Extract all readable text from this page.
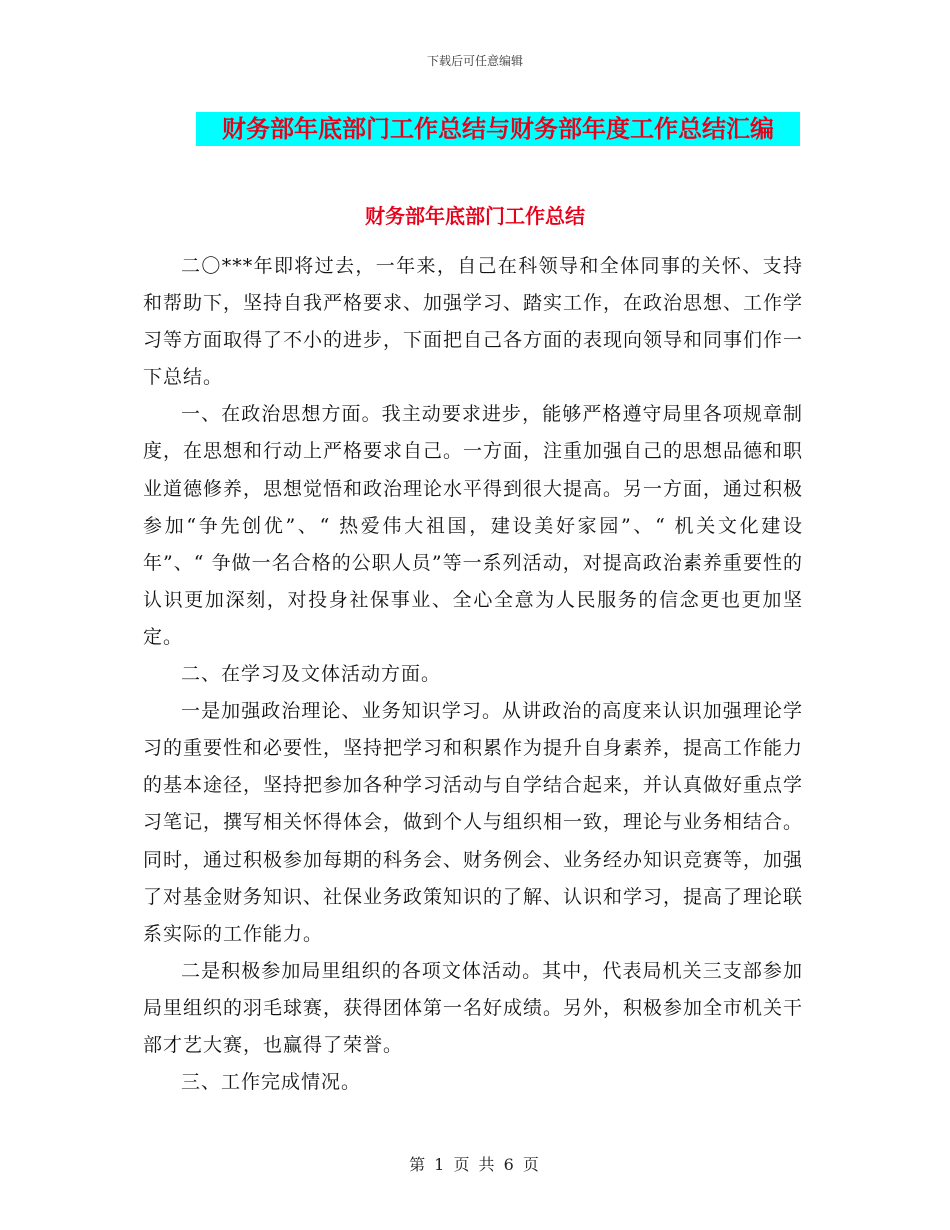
下载后可任意编辑
财务部年底部门工作总结与财务部年度工作总结汇编
财务部年底部门工作总结

二〇***年即将过去，一年来，自己在科领导和全体同事的关怀、支持和帮助下，坚持自我严格要求、加强学习、踏实工作，在政治思想、工作学习等方面取得了不小的进步，下面把自己各方面的表现向领导和同事们作一下总结。

一、在政治思想方面。我主动要求进步，能够严格遵守局里各项规章制度，在思想和行动上严格要求自己。一方面，注重加强自己的思想品德和职业道德修养，思想觉悟和政治理论水平得到很大提高。另一方面，通过积极参加“争先创优”、“ 热爱伟大祖国，建设美好家园”、“ 机关文化建设年”、“ 争做一名合格的公职人员”等一系列活动，对提高政治素养重要性的认识更加深刻，对投身社保事业、全心全意为人民服务的信念更也更加坚定。

二、在学习及文体活动方面。

一是加强政治理论、业务知识学习。从讲政治的高度来认识加强理论学习的重要性和必要性，坚持把学习和积累作为提升自身素养，提高工作能力的基本途径，坚持把参加各种学习活动与自学结合起来，并认真做好重点学习笔记，撰写相关怀得体会，做到个人与组织相一致，理论与业务相结合。同时，通过积极参加每期的科务会、财务例会、业务经办知识竞赛等，加强了对基金财务知识、社保业务政策知识的了解、认识和学习，提高了理论联系实际的工作能力。

二是积极参加局里组织的各项文体活动。其中，代表局机关三支部参加局里组织的羽毛球赛，获得团体第一名好成绩。另外，积极参加全市机关干部才艺大赛，也赢得了荣誉。

三、工作完成情况。

第 1 页 共 6 页
